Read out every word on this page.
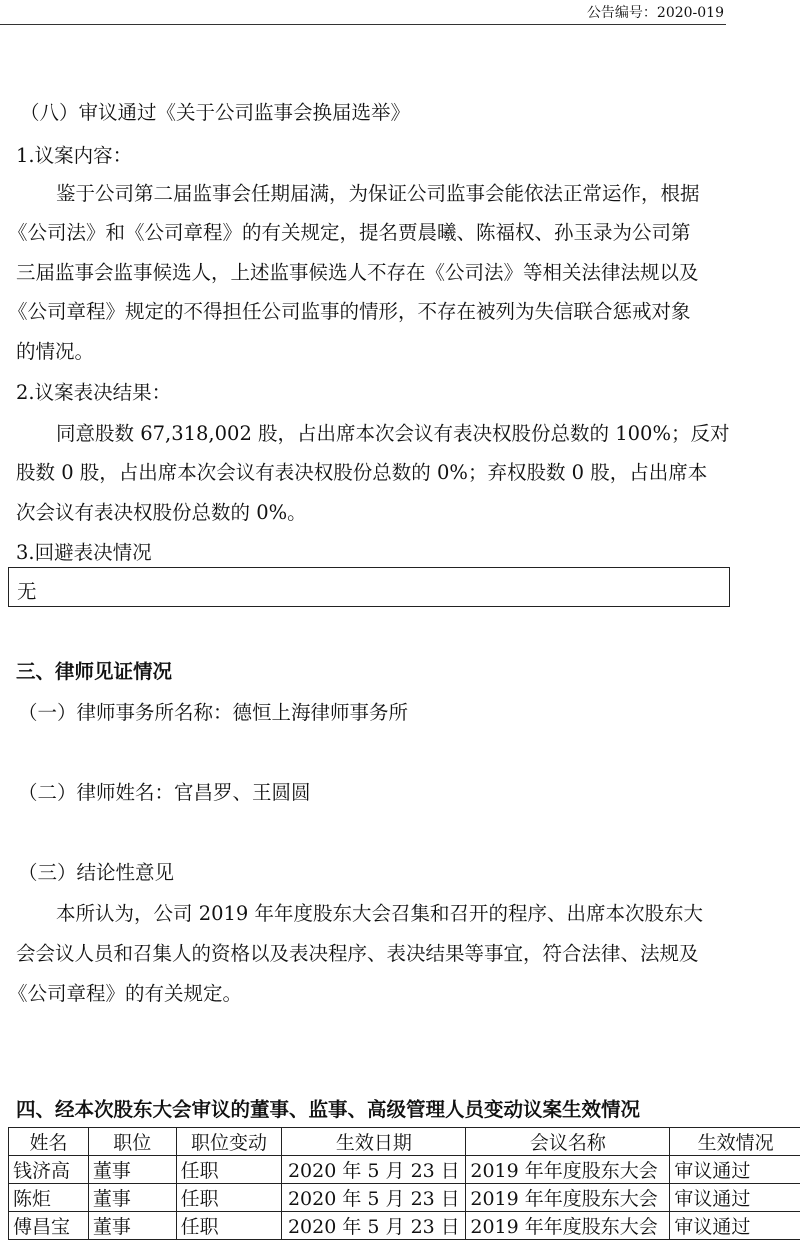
公告编号：2020-019
（八）审议通过《关于公司监事会换届选举》
1.议案内容：
鉴于公司第二届监事会任期届满，为保证公司监事会能依法正常运作，根据
《公司法》和《公司章程》的有关规定，提名贾晨曦、陈福权、孙玉录为公司第
三届监事会监事候选人，上述监事候选人不存在《公司法》等相关法律法规以及
《公司章程》规定的不得担任公司监事的情形，不存在被列为失信联合惩戒对象
的情况。
2.议案表决结果：
同意股数 67,318,002 股，占出席本次会议有表决权股份总数的 100%；反对
股数 0 股，占出席本次会议有表决权股份总数的 0%；弃权股数 0 股，占出席本
次会议有表决权股份总数的 0%。
3.回避表决情况
无
三、律师见证情况
（一）律师事务所名称：德恒上海律师事务所
（二）律师姓名：官昌罗、王圆圆
（三）结论性意见
本所认为，公司 2019 年年度股东大会召集和召开的程序、出席本次股东大
会会议人员和召集人的资格以及表决程序、表决结果等事宜，符合法律、法规及
《公司章程》的有关规定。
四、经本次股东大会审议的董事、监事、高级管理人员变动议案生效情况
姓名	职位	职位变动	生效日期	会议名称	生效情况
钱济高	董事	任职	2020 年 5 月 23 日	2019 年年度股东大会	审议通过
陈炬	董事	任职	2020 年 5 月 23 日	2019 年年度股东大会	审议通过
傅昌宝	董事	任职	2020 年 5 月 23 日	2019 年年度股东大会	审议通过
